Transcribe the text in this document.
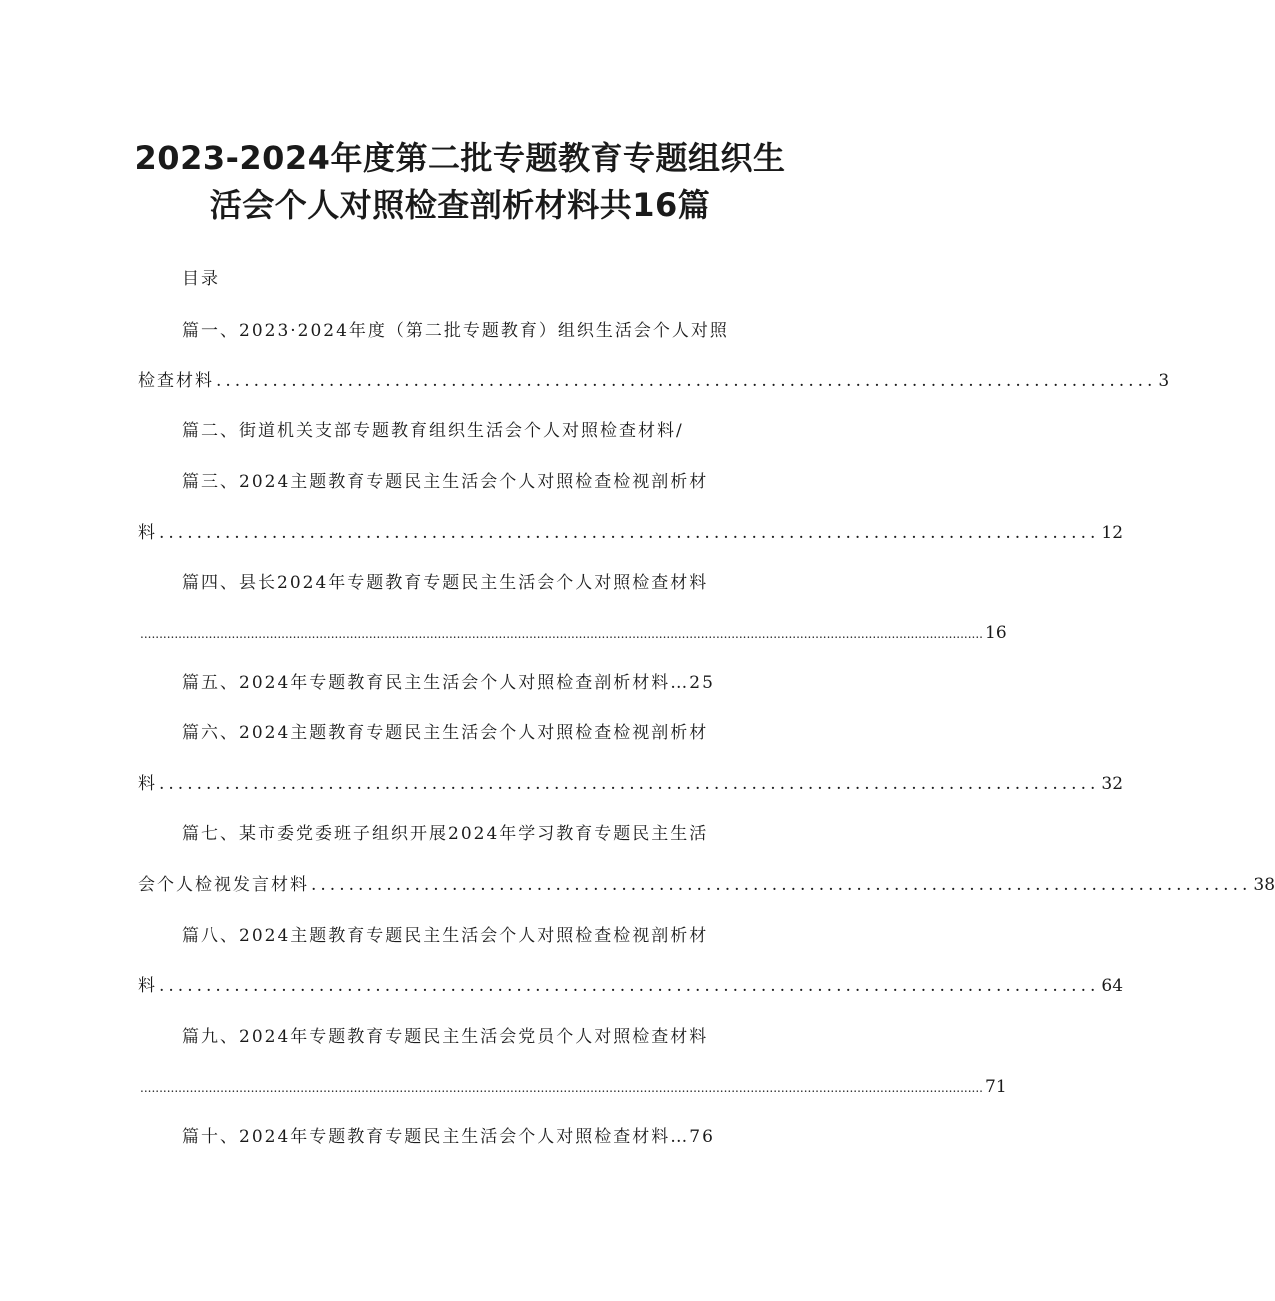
2023-2024年度第二批专题教育专题组织生
活会个人对照检查剖析材料共16篇
目录
篇一、2023·2024年度（第二批专题教育）组织生活会个人对照
检查材料 .................................................................................................... 3
篇二、街道机关支部专题教育组织生活会个人对照检查材料/
篇三、2024主题教育专题民主生活会个人对照检查检视剖析材
料 .................................................................................................... 12
篇四、县长2024年专题教育专题民主生活会个人对照检查材料
............................................................................................................................................................................................................................. 16
篇五、2024年专题教育民主生活会个人对照检查剖析材料…25
篇六、2024主题教育专题民主生活会个人对照检查检视剖析材
料 .................................................................................................... 32
篇七、某市委党委班子组织开展2024年学习教育专题民主生活
会个人检视发言材料 .................................................................................................... 38
篇八、2024主题教育专题民主生活会个人对照检查检视剖析材
料 .................................................................................................... 64
篇九、2024年专题教育专题民主生活会党员个人对照检查材料
............................................................................................................................................................................................................................. 71
篇十、2024年专题教育专题民主生活会个人对照检查材料…76
